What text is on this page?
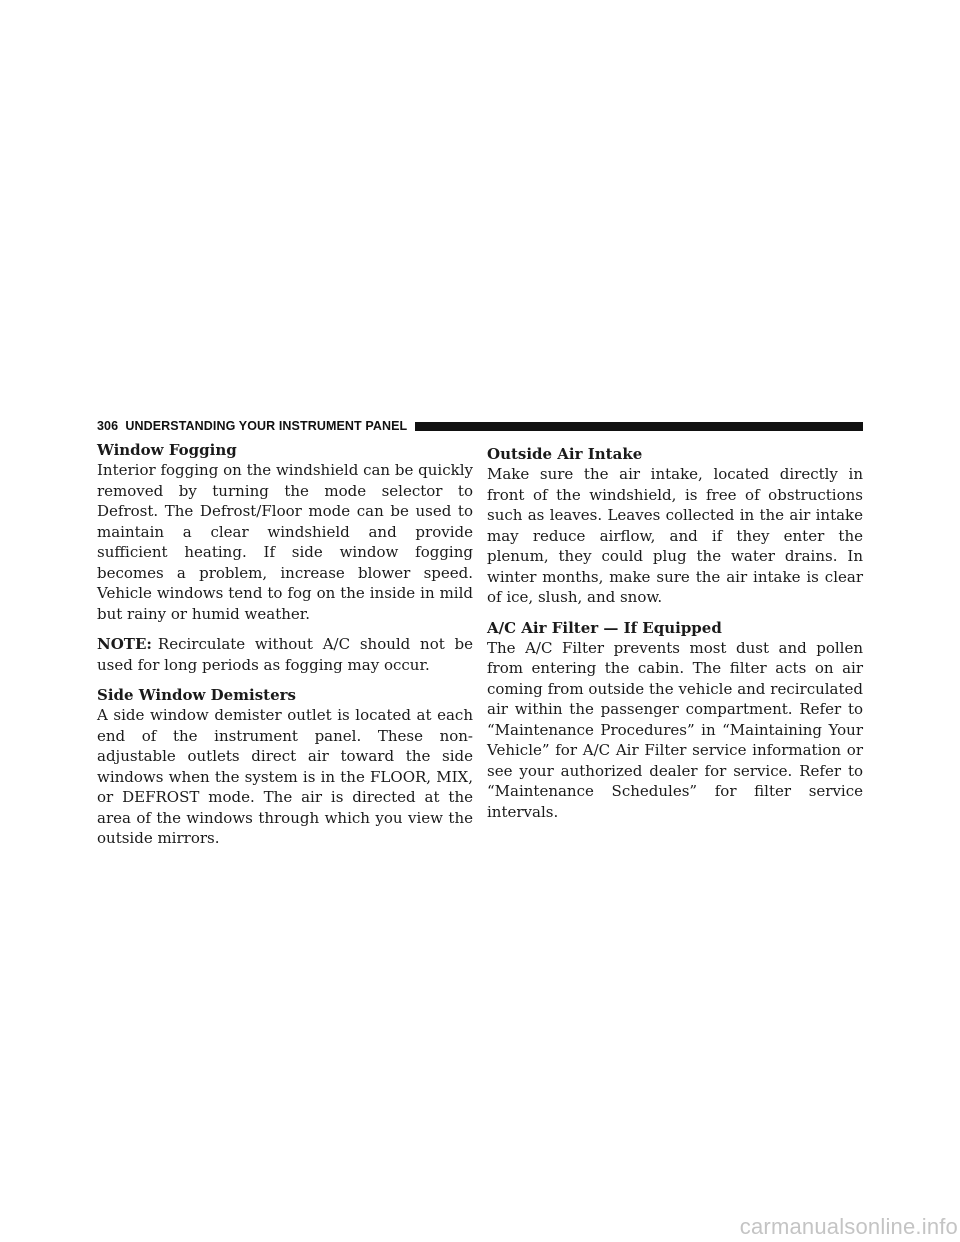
306 UNDERSTANDING YOUR INSTRUMENT PANEL
Window Fogging

Interior fogging on the windshield can be quickly removed by turning the mode selector to Defrost. The Defrost/Floor mode can be used to maintain a clear windshield and provide sufficient heating. If side window fogging becomes a problem, increase blower speed. Vehicle windows tend to fog on the inside in mild but rainy or humid weather.

NOTE: Recirculate without A/C should not be used for long periods as fogging may occur.

Side Window Demisters

A side window demister outlet is located at each end of the instrument panel. These non-adjustable outlets direct air toward the side windows when the system is in the FLOOR, MIX, or DEFROST mode. The air is directed at the area of the windows through which you view the outside mirrors.

Outside Air Intake

Make sure the air intake, located directly in front of the windshield, is free of obstructions such as leaves. Leaves collected in the air intake may reduce airflow, and if they enter the plenum, they could plug the water drains. In winter months, make sure the air intake is clear of ice, slush, and snow.

A/C Air Filter — If Equipped

The A/C Filter prevents most dust and pollen from entering the cabin. The filter acts on air coming from outside the vehicle and recirculated air within the passenger compartment. Refer to “Maintenance Procedures” in “Maintaining Your Vehicle” for A/C Air Filter service information or see your authorized dealer for service. Refer to “Maintenance Schedules” for filter service intervals.

carmanualsonline.info
